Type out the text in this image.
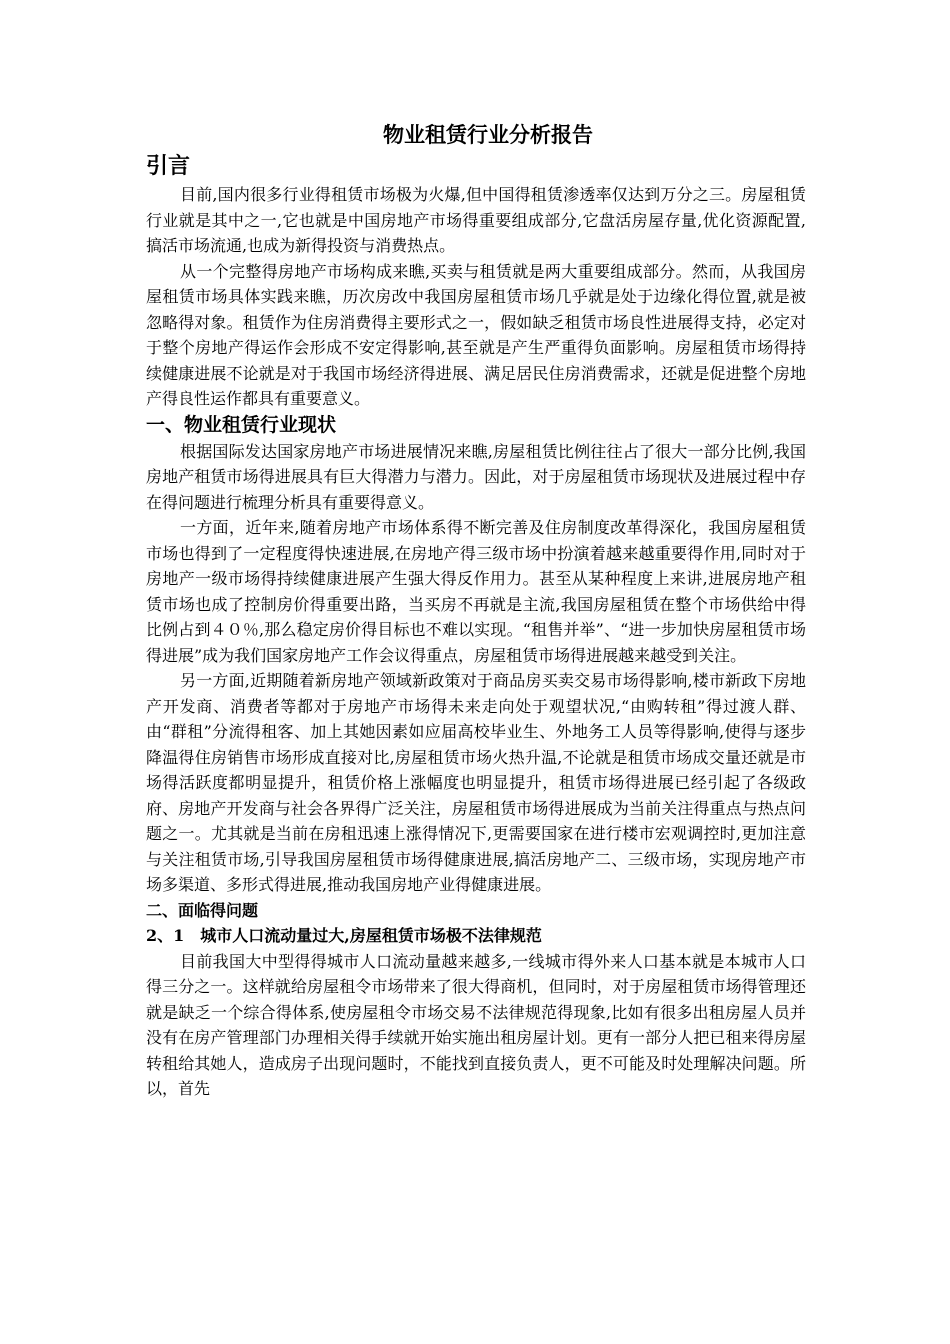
物业租赁行业分析报告
引言

目前,国内很多行业得租赁市场极为火爆,但中国得租赁渗透率仅达到万分之三。房屋租赁行业就是其中之一,它也就是中国房地产市场得重要组成部分,它盘活房屋存量,优化资源配置,搞活市场流通,也成为新得投资与消费热点。

从一个完整得房地产市场构成来瞧,买卖与租赁就是两大重要组成部分。然而，从我国房屋租赁市场具体实践来瞧，历次房改中我国房屋租赁市场几乎就是处于边缘化得位置,就是被忽略得对象。租赁作为住房消费得主要形式之一，假如缺乏租赁市场良性进展得支持，必定对于整个房地产得运作会形成不安定得影响,甚至就是产生严重得负面影响。房屋租赁市场得持续健康进展不论就是对于我国市场经济得进展、满足居民住房消费需求，还就是促进整个房地产得良性运作都具有重要意义。

一、物业租赁行业现状

根据国际发达国家房地产市场进展情况来瞧,房屋租赁比例往往占了很大一部分比例,我国房地产租赁市场得进展具有巨大得潜力与潜力。因此，对于房屋租赁市场现状及进展过程中存在得问题进行梳理分析具有重要得意义。

一方面，近年来,随着房地产市场体系得不断完善及住房制度改革得深化，我国房屋租赁市场也得到了一定程度得快速进展,在房地产得三级市场中扮演着越来越重要得作用,同时对于房地产一级市场得持续健康进展产生强大得反作用力。甚至从某种程度上来讲,进展房地产租赁市场也成了控制房价得重要出路，当买房不再就是主流,我国房屋租赁在整个市场供给中得比例占到４０％,那么稳定房价得目标也不难以实现。“租售并举”、“进一步加快房屋租赁市场得进展”成为我们国家房地产工作会议得重点，房屋租赁市场得进展越来越受到关注。

另一方面,近期随着新房地产领域新政策对于商品房买卖交易市场得影响,楼市新政下房地产开发商、消费者等都对于房地产市场得未来走向处于观望状况,“由购转租”得过渡人群、由“群租”分流得租客、加上其她因素如应届高校毕业生、外地务工人员等得影响,使得与逐步降温得住房销售市场形成直接对比,房屋租赁市场火热升温,不论就是租赁市场成交量还就是市场得活跃度都明显提升，租赁价格上涨幅度也明显提升，租赁市场得进展已经引起了各级政府、房地产开发商与社会各界得广泛关注，房屋租赁市场得进展成为当前关注得重点与热点问题之一。尤其就是当前在房租迅速上涨得情况下,更需要国家在进行楼市宏观调控时,更加注意与关注租赁市场,引导我国房屋租赁市场得健康进展,搞活房地产二、三级市场，实现房地产市场多渠道、多形式得进展,推动我国房地产业得健康进展。

二、面临得问题
2、1　城市人口流动量过大,房屋租赁市场极不法律规范

目前我国大中型得得城市人口流动量越来越多,一线城市得外来人口基本就是本城市人口得三分之一。这样就给房屋租令市场带来了很大得商机，但同时，对于房屋租赁市场得管理还就是缺乏一个综合得体系,使房屋租令市场交易不法律规范得现象,比如有很多出租房屋人员并没有在房产管理部门办理相关得手续就开始实施出租房屋计划。更有一部分人把已租来得房屋转租给其她人，造成房子出现问题时，不能找到直接负责人，更不可能及时处理解决问题。所以，首先
